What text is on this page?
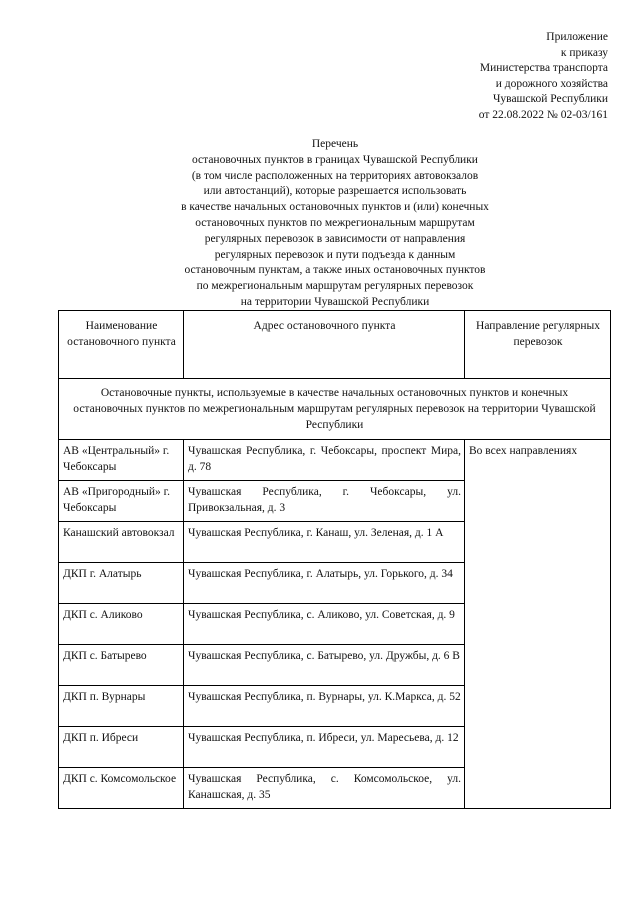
Приложение
к приказу
Министерства транспорта
и дорожного хозяйства
Чувашской Республики
от 22.08.2022 № 02-03/161
Перечень
остановочных пунктов в границах Чувашской Республики
(в том числе расположенных на территориях автовокзалов
или автостанций), которые разрешается использовать
в качестве начальных остановочных пунктов и (или) конечных
остановочных пунктов по межрегиональным маршрутам
регулярных перевозок в зависимости от направления
регулярных перевозок и пути подъезда к данным
остановочным пунктам, а также иных остановочных пунктов
по межрегиональным маршрутам регулярных перевозок
на территории Чувашской Республики
Наименование остановочного пункта	Адрес остановочного пункта	Направление регулярных перевозок
Остановочные пункты, используемые в качестве начальных остановочных пунктов и конечных остановочных пунктов по межрегиональным маршрутам регулярных перевозок на территории Чувашской Республики		
АВ «Центральный» г. Чебоксары	Чувашская Республика, г. Чебоксары, проспект Мира, д. 78	Во всех направлениях
АВ «Пригородный» г. Чебоксары	Чувашская Республика, г. Чебоксары, ул. Привокзальная, д. 3	
Канашский автовокзал	Чувашская Республика, г. Канаш, ул. Зеленая, д. 1 А	
ДКП г. Алатырь	Чувашская Республика, г. Алатырь, ул. Горького, д. 34	
ДКП с. Аликово	Чувашская Республика, с. Аликово, ул. Советская, д. 9	
ДКП с. Батырево	Чувашская Республика, с. Батырево, ул. Дружбы, д. 6 В	
ДКП п. Вурнары	Чувашская Республика, п. Вурнары, ул. К.Маркса, д. 52	
ДКП п. Ибреси	Чувашская Республика, п. Ибреси, ул. Маресьева, д. 12	
ДКП с. Комсомольское	Чувашская Республика, с. Комсомольское, ул. Канашская, д. 35	
